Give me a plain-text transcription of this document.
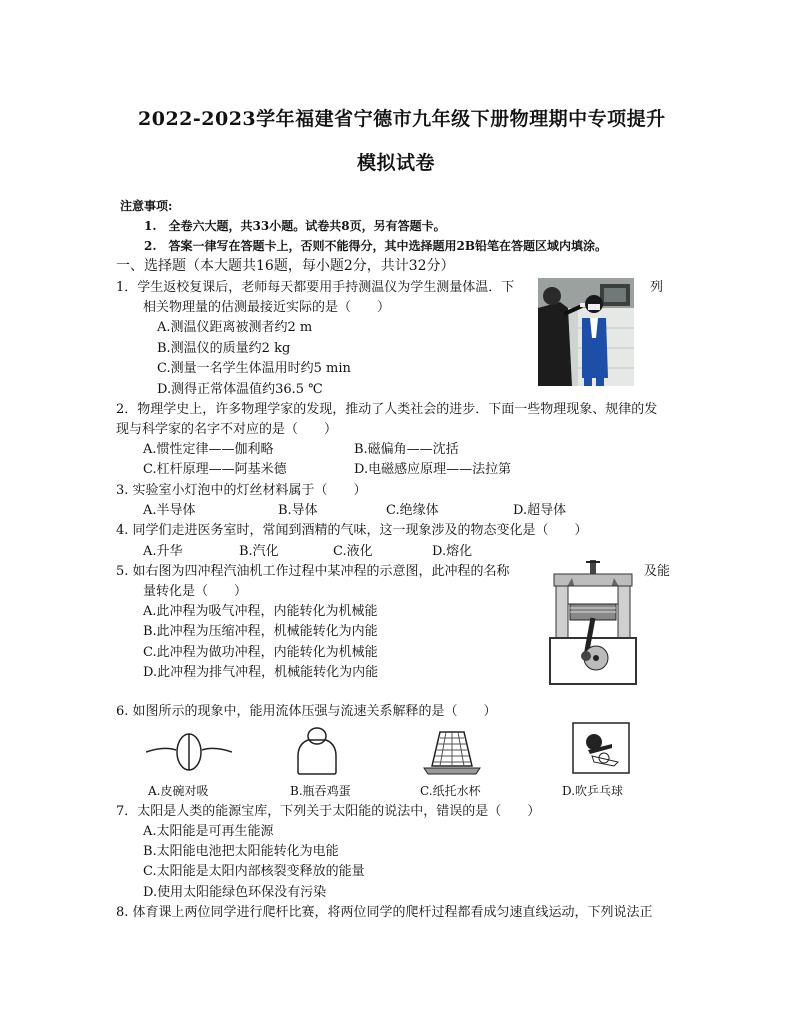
2022-2023学年福建省宁德市九年级下册物理期中专项提升
模拟试卷
注意事项:
1.　全卷六大题，共33小题。试卷共8页，另有答题卡。
2.　答案一律写在答题卡上，否则不能得分，其中选择题用2B铅笔在答题区域内填涂。
一、选择题（本大题共16题，每小题2分，共计32分）
1．学生返校复课后，老师每天都要用手持测温仪为学生测量体温．下	列
相关物理量的估测最接近实际的是（　　）
A.测温仪距离被测者约2 m
B.测温仪的质量约2 kg
C.测量一名学生体温用时约5 min
D.测得正常体温值约36.5 ℃
2．物理学史上，许多物理学家的发现，推动了人类社会的进步．下面一些物理现象、规律的发
现与科学家的名字不对应的是（　　）
A.惯性定律——伽利略	B.磁偏角——沈括
C.杠杆原理——阿基米德	D.电磁感应原理——法拉第
3. 实验室小灯泡中的灯丝材料属于（　　）
A.半导体	B.导体	C.绝缘体	D.超导体
4. 同学们走进医务室时，常闻到酒精的气味，这一现象涉及的物态变化是（　　）
A.升华	B.汽化	C.液化	D.熔化
5. 如右图为四冲程汽油机工作过程中某冲程的示意图，此冲程的名称	及能
量转化是（　　）
A.此冲程为吸气冲程，内能转化为机械能
B.此冲程为压缩冲程，机械能转化为内能
C.此冲程为做功冲程，内能转化为机械能
D.此冲程为排气冲程，机械能转化为内能
6. 如图所示的现象中，能用流体压强与流速关系解释的是（　　）
A.皮碗对吸	B.瓶吞鸡蛋	C.纸托水杯	D.吹乒乓球
7．太阳是人类的能源宝库，下列关于太阳能的说法中，错误的是（　　）
A.太阳能是可再生能源
B.太阳能电池把太阳能转化为电能
C.太阳能是太阳内部核裂变释放的能量
D.使用太阳能绿色环保没有污染
8. 体育课上两位同学进行爬杆比赛，将两位同学的爬杆过程都看成匀速直线运动，下列说法正
